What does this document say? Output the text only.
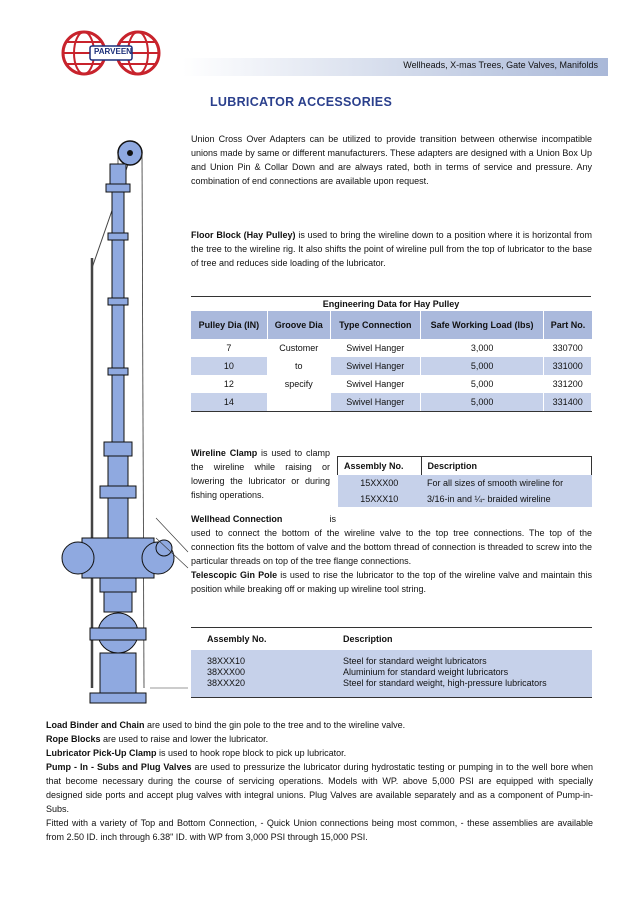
PARVEEN
Wellheads, X-mas Trees, Gate Valves, Manifolds
LUBRICATOR ACCESSORIES
Union Cross Over Adapters can be utilized to provide transition between otherwise incompatible unions made by same or different manufacturers. These adapters are designed with a Union Box Up and Union Pin & Collar Down and are always rated, both in terms of service and pressure. Any combination of end connections are available upon request.
Floor Block (Hay Pulley) is used to bring the wireline down to a position where it is horizontal from the tree to the wireline rig. It also shifts the point of wireline pull from the top of lubricator to the base of tree and reduces side loading of the lubricator.
Engineering Data for Hay Pulley				
Pulley Dia (IN)	Groove Dia	Type Connection	Safe Working Load (lbs)	Part No.
7	Customer	Swivel Hanger	3,000	330700
10	to	Swivel Hanger	5,000	331000
12	specify	Swivel Hanger	5,000	331200
14		Swivel Hanger	5,000	331400
Wireline Clamp is used to clamp the wireline while raising or lowering the lubricator or during fishing operations.
Assembly No.	Description
15XXX00	For all sizes of smooth wireline for
15XXX10	3/16-in and ¼- braided wireline
Wellhead Connection	is
used to connect the bottom of the wireline valve to the top tree connections. The top of the connection fits the bottom of valve and the bottom thread of connection is threaded to screw into the particular threads on top of the tree flange connections.
Telescopic Gin Pole is used to rise the lubricator to the top of the wireline valve and maintain this position while breaking off or making up wireline tool string.
Assembly No.	Description
38XXX10	Steel for standard weight lubricators
38XXX00	Aluminium for standard weight lubricators
38XXX20	Steel for standard weight, high-pressure lubricators
Load Binder and Chain are used to bind the gin pole to the tree and to the wireline valve.
Rope Blocks are used to raise and lower the lubricator.
Lubricator Pick-Up Clamp is used to hook rope block to pick up lubricator.
Pump - In - Subs and Plug Valves are used to pressurize the lubricator during hydrostatic testing or pumping in to the well bore when that become necessary during the course of servicing operations. Models with WP. above 5,000 PSI are equipped with specially designed side ports and accept plug valves with integral unions. Plug Valves are available separately and as a component of Pump-in-Subs.
Fitted with a variety of Top and Bottom Connection, - Quick Union connections being most common, - these assemblies are available from 2.50 ID. inch through 6.38" ID. with WP from 3,000 PSI through 15,000 PSI.
